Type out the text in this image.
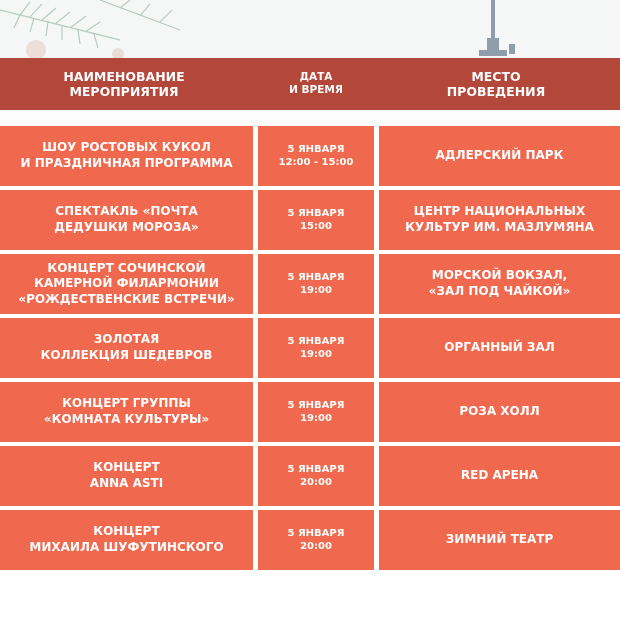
НАИМЕНОВАНИЕ
МЕРОПРИЯТИЯ
ДАТА
И ВРЕМЯ
МЕСТО
ПРОВЕДЕНИЯ
ШОУ РОСТОВЫХ КУКОЛ
И ПРАЗДНИЧНАЯ ПРОГРАММА
5 ЯНВАРЯ
12:00 - 15:00
АДЛЕРСКИЙ ПАРК
СПЕКТАКЛЬ «ПОЧТА
ДЕДУШКИ МОРОЗА»
5 ЯНВАРЯ
15:00
ЦЕНТР НАЦИОНАЛЬНЫХ
КУЛЬТУР ИМ. МАЗЛУМЯНА
КОНЦЕРТ СОЧИНСКОЙ
КАМЕРНОЙ ФИЛАРМОНИИ
«РОЖДЕСТВЕНСКИЕ ВСТРЕЧИ»
5 ЯНВАРЯ
19:00
МОРСКОЙ ВОКЗАЛ,
«ЗАЛ ПОД ЧАЙКОЙ»
ЗОЛОТАЯ
КОЛЛЕКЦИЯ ШЕДЕВРОВ
5 ЯНВАРЯ
19:00
ОРГАННЫЙ ЗАЛ
КОНЦЕРТ ГРУППЫ
«КОМНАТА КУЛЬТУРЫ»
5 ЯНВАРЯ
19:00
РОЗА ХОЛЛ
КОНЦЕРТ
ANNA ASTI
5 ЯНВАРЯ
20:00
RED АРЕНА
КОНЦЕРТ
МИХАИЛА ШУФУТИНСКОГО
5 ЯНВАРЯ
20:00
ЗИМНИЙ ТЕАТР
